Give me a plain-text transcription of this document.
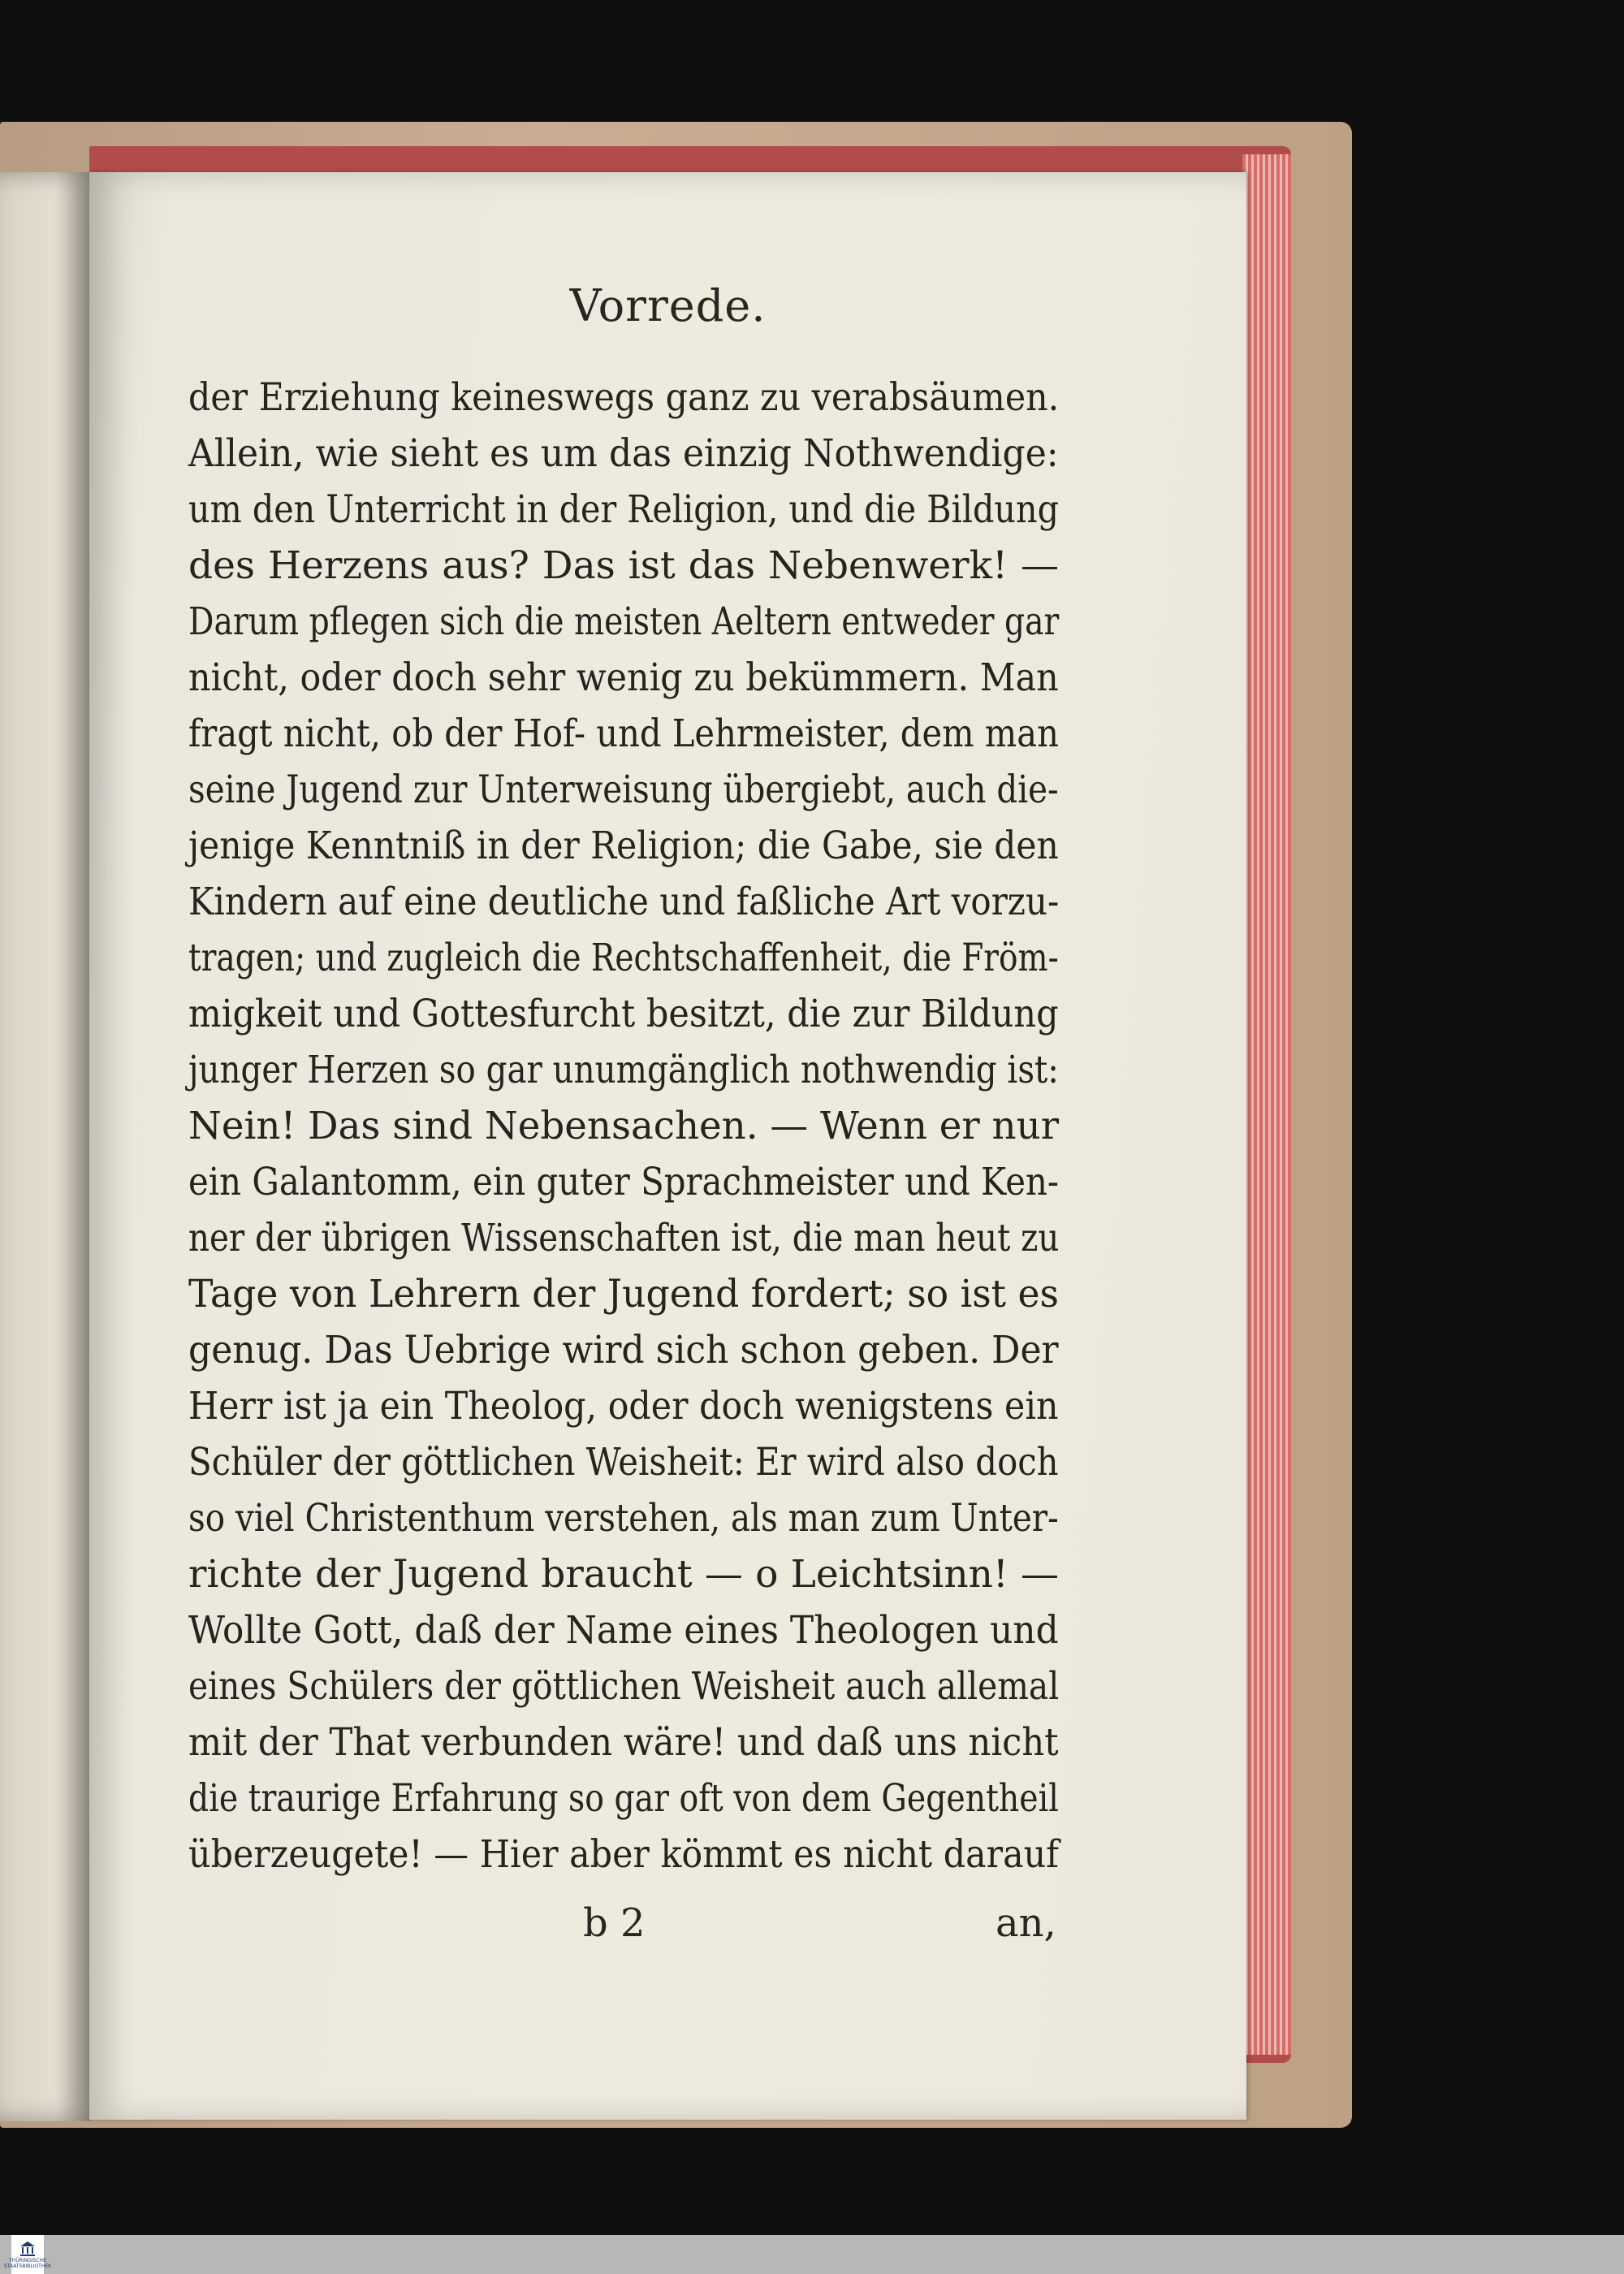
Vorrede.
der Erziehung keineswegs ganz zu verabsäumen.
Allein, wie sieht es um das einzig Nothwendige:
um den Unterricht in der Religion, und die Bildung
des Herzens aus? Das ist das Nebenwerk! —
Darum pflegen sich die meisten Aeltern entweder gar
nicht, oder doch sehr wenig zu bekümmern. Man
fragt nicht, ob der Hof- und Lehrmeister, dem man
seine Jugend zur Unterweisung übergiebt, auch die-
jenige Kenntniß in der Religion; die Gabe, sie den
Kindern auf eine deutliche und faßliche Art vorzu-
tragen; und zugleich die Rechtschaffenheit, die Fröm-
migkeit und Gottesfurcht besitzt, die zur Bildung
junger Herzen so gar unumgänglich nothwendig ist:
Nein! Das sind Nebensachen. — Wenn er nur
ein Galantomm, ein guter Sprachmeister und Ken-
ner der übrigen Wissenschaften ist, die man heut zu
Tage von Lehrern der Jugend fordert; so ist es
genug. Das Uebrige wird sich schon geben. Der
Herr ist ja ein Theolog, oder doch wenigstens ein
Schüler der göttlichen Weisheit: Er wird also doch
so viel Christenthum verstehen, als man zum Unter-
richte der Jugend braucht — o Leichtsinn! —
Wollte Gott, daß der Name eines Theologen und
eines Schülers der göttlichen Weisheit auch allemal
mit der That verbunden wäre! und daß uns nicht
die traurige Erfahrung so gar oft von dem Gegentheil
überzeugete! — Hier aber kömmt es nicht darauf
b 2	an,
THÜRINGISCHE
STAATSBIBLIOTHEK
